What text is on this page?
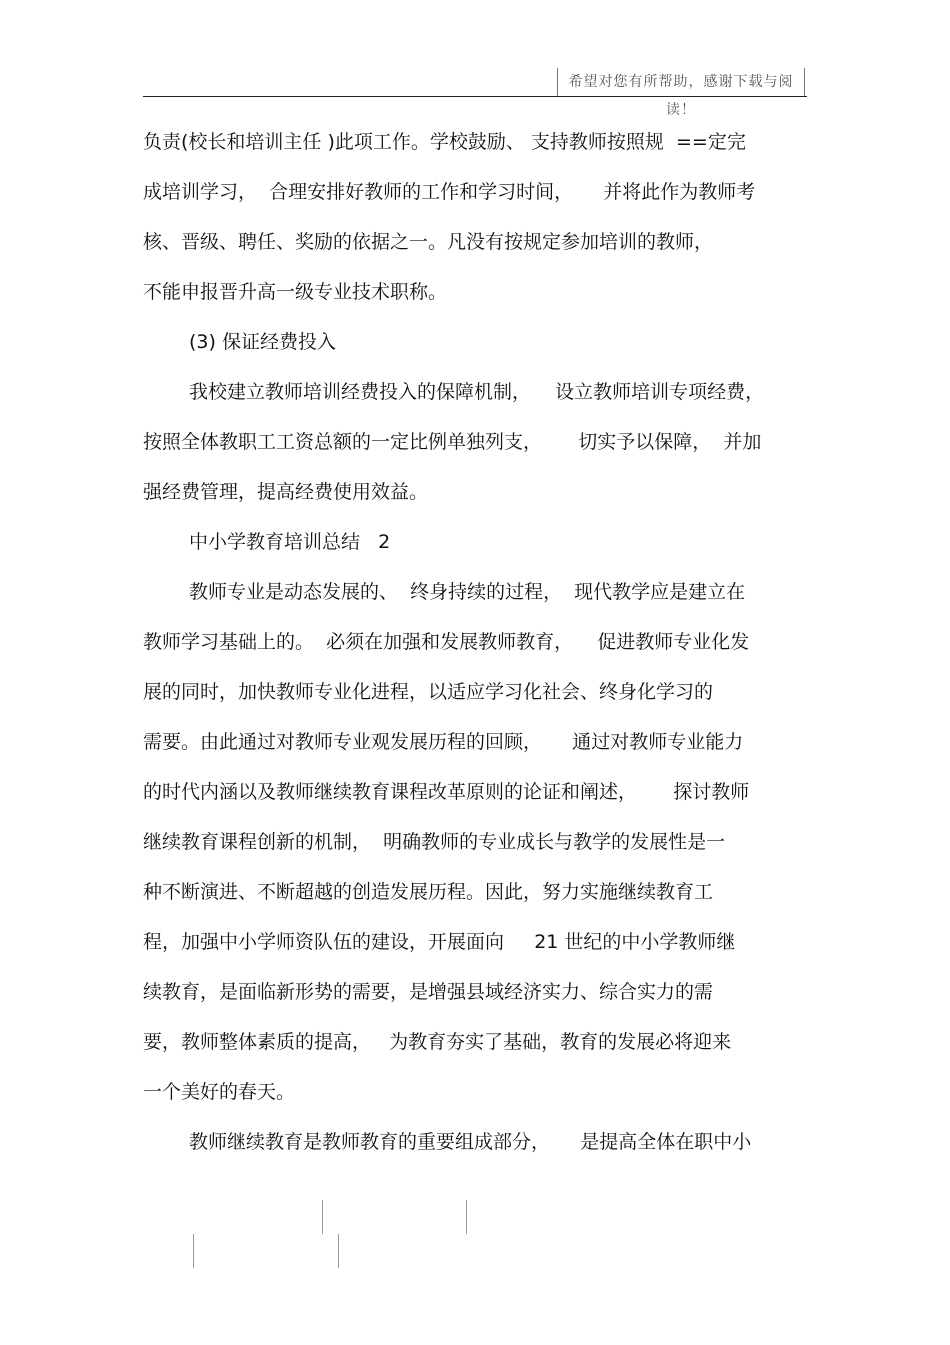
希望对您有所帮助，感谢下载与阅读！
负责(校长和培训主任 )此项工作。学校鼓励、 支持教师按照规  ==定完
成培训学习，  合理安排好教师的工作和学习时间，     并将此作为教师考
核、晋级、聘任、奖励的依据之一。凡没有按规定参加培训的教师，
不能申报晋升高一级专业技术职称。
(3) 保证经费投入
我校建立教师培训经费投入的保障机制，    设立教师培训专项经费，
按照全体教职工工资总额的一定比例单独列支，      切实予以保障，  并加
强经费管理，提高经费使用效益。
中小学教育培训总结   2
教师专业是动态发展的、  终身持续的过程，  现代教学应是建立在
教师学习基础上的。  必须在加强和发展教师教育，    促进教师专业化发
展的同时，加快教师专业化进程，以适应学习化社会、终身化学习的
需要。由此通过对教师专业观发展历程的回顾，     通过对教师专业能力
的时代内涵以及教师继续教育课程改革原则的论证和阐述，      探讨教师
继续教育课程创新的机制，  明确教师的专业成长与教学的发展性是一
种不断演进、不断超越的创造发展历程。因此，努力实施继续教育工
程，加强中小学师资队伍的建设，开展面向     21 世纪的中小学教师继
续教育，是面临新形势的需要，是增强县域经济实力、综合实力的需
要，教师整体素质的提高，   为教育夯实了基础，教育的发展必将迎来
一个美好的春天。
教师继续教育是教师教育的重要组成部分，     是提高全体在职中小
